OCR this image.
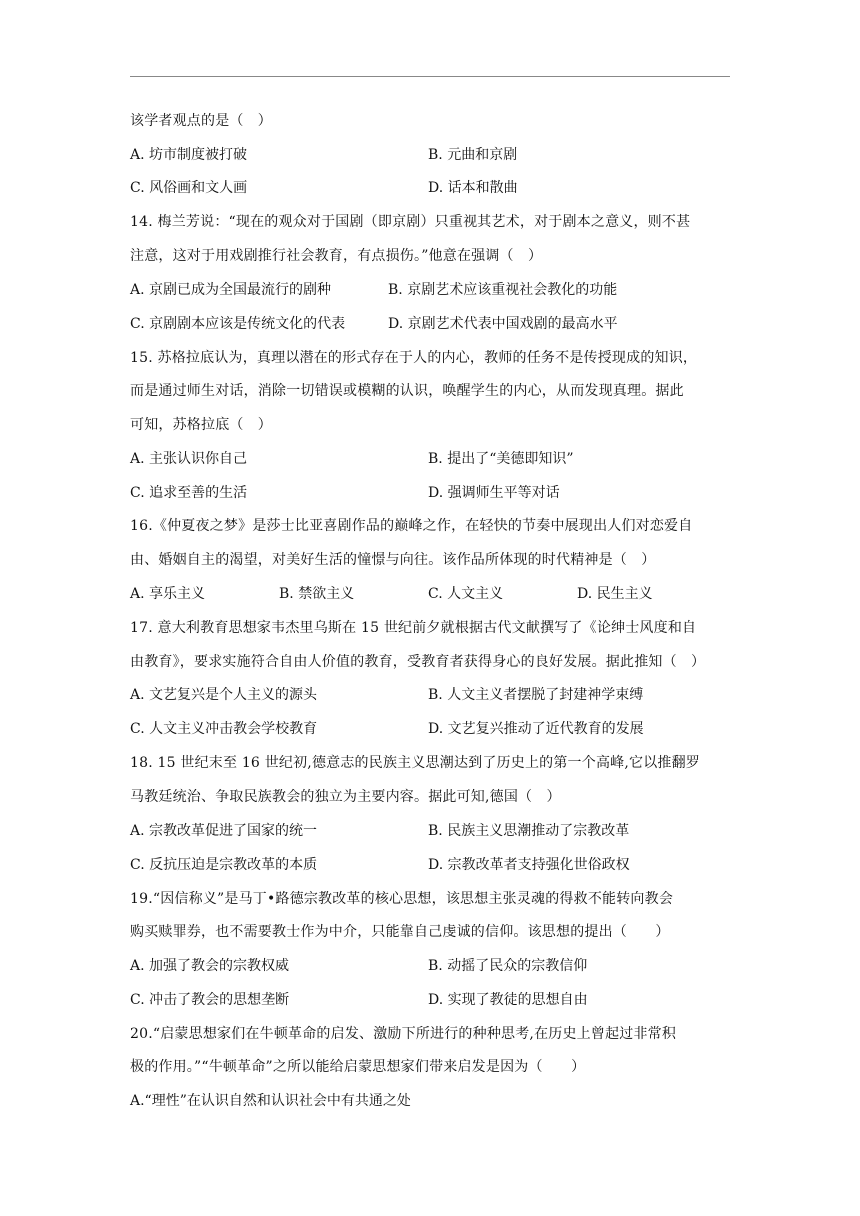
该学者观点的是（　）
A. 坊市制度被打破	B. 元曲和京剧
C. 风俗画和文人画	D. 话本和散曲
14. 梅兰芳说：“现在的观众对于国剧（即京剧）只重视其艺术，对于剧本之意义，则不甚
注意，这对于用戏剧推行社会教育，有点损伤。”他意在强调（　）
A. 京剧已成为全国最流行的剧种	B. 京剧艺术应该重视社会教化的功能
C. 京剧剧本应该是传统文化的代表	D. 京剧艺术代表中国戏剧的最高水平
15. 苏格拉底认为，真理以潜在的形式存在于人的内心，教师的任务不是传授现成的知识，
而是通过师生对话，消除一切错误或模糊的认识，唤醒学生的内心，从而发现真理。据此
可知，苏格拉底（　）
A. 主张认识你自己	B. 提出了“美德即知识”
C. 追求至善的生活	D. 强调师生平等对话
16.《仲夏夜之梦》是莎士比亚喜剧作品的巅峰之作，在轻快的节奏中展现出人们对恋爱自
由、婚姻自主的渴望，对美好生活的憧憬与向往。该作品所体现的时代精神是（　）
A. 享乐主义	B. 禁欲主义	C. 人文主义	D. 民生主义
17. 意大利教育思想家韦杰里乌斯在 15 世纪前夕就根据古代文献撰写了《论绅士风度和自
由教育》，要求实施符合自由人价值的教育，受教育者获得身心的良好发展。据此推知（　）
A. 文艺复兴是个人主义的源头	B. 人文主义者摆脱了封建神学束缚
C. 人文主义冲击教会学校教育	D. 文艺复兴推动了近代教育的发展
18. 15 世纪末至 16 世纪初,德意志的民族主义思潮达到了历史上的第一个高峰,它以推翻罗
马教廷统治、争取民族教会的独立为主要内容。据此可知,德国（　）
A. 宗教改革促进了国家的统一	B. 民族主义思潮推动了宗教改革
C. 反抗压迫是宗教改革的本质	D. 宗教改革者支持强化世俗政权
19.“因信称义”是马丁•路德宗教改革的核心思想，该思想主张灵魂的得救不能转向教会
购买赎罪券，也不需要教士作为中介，只能靠自己虔诚的信仰。该思想的提出（　　）
A. 加强了教会的宗教权威	B. 动摇了民众的宗教信仰
C. 冲击了教会的思想垄断	D. 实现了教徒的思想自由
20.“启蒙思想家们在牛顿革命的启发、激励下所进行的种种思考,在历史上曾起过非常积
极的作用。”“牛顿革命”之所以能给启蒙思想家们带来启发是因为（　　）
A.“理性”在认识自然和认识社会中有共通之处
